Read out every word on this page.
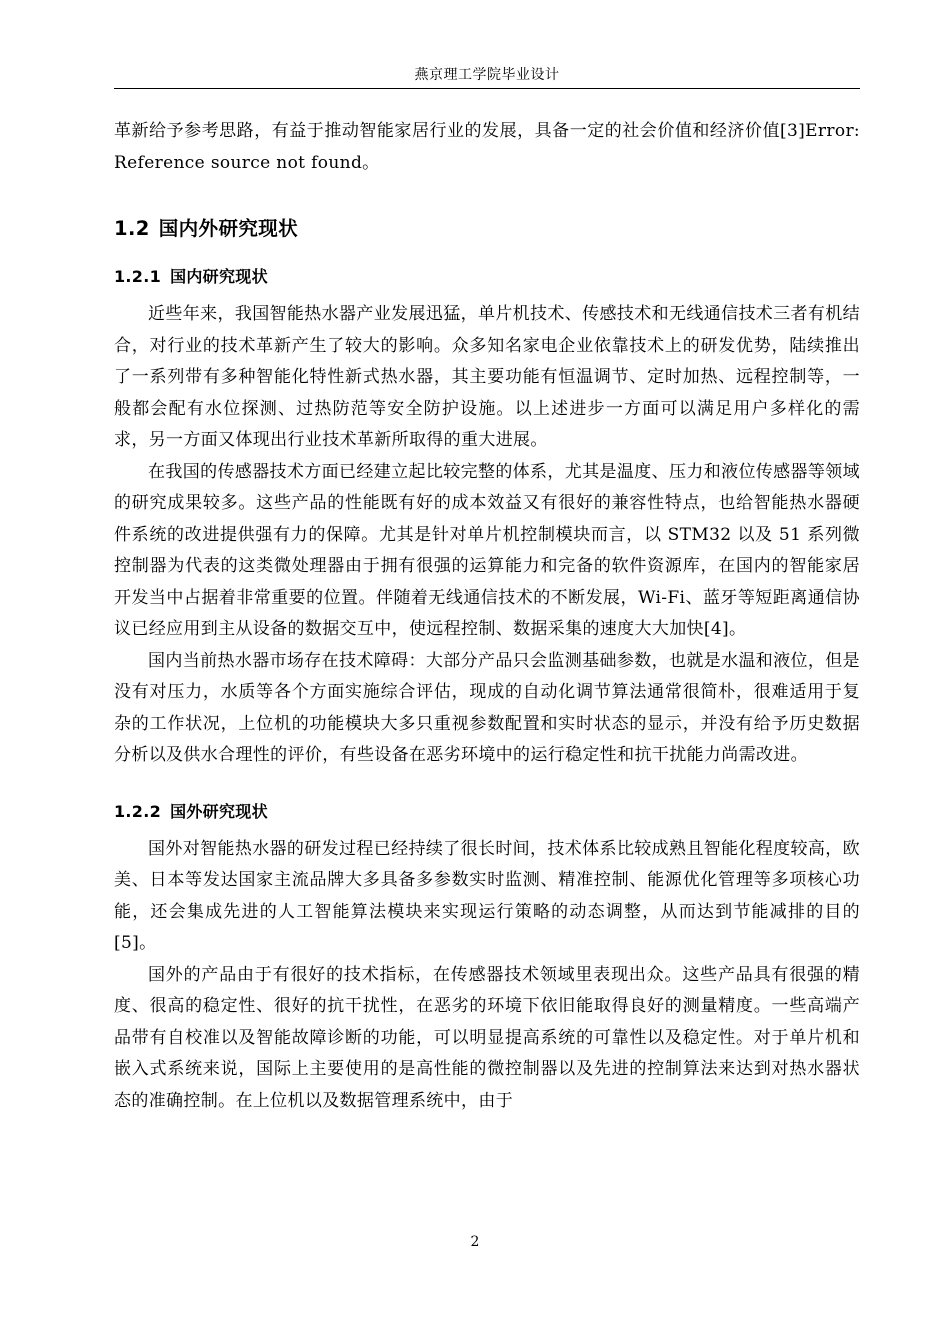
燕京理工学院毕业设计

革新给予参考思路，有益于推动智能家居行业的发展，具备一定的社会价值和经济价值[3]Error: Reference source not found。

1.2 国内外研究现状
1.2.1 国内研究现状

近些年来，我国智能热水器产业发展迅猛，单片机技术、传感技术和无线通信技术三者有机结合，对行业的技术革新产生了较大的影响。众多知名家电企业依靠技术上的研发优势，陆续推出了一系列带有多种智能化特性新式热水器，其主要功能有恒温调节、定时加热、远程控制等，一般都会配有水位探测、过热防范等安全防护设施。以上述进步一方面可以满足用户多样化的需求，另一方面又体现出行业技术革新所取得的重大进展。

在我国的传感器技术方面已经建立起比较完整的体系，尤其是温度、压力和液位传感器等领域的研究成果较多。这些产品的性能既有好的成本效益又有很好的兼容性特点，也给智能热水器硬件系统的改进提供强有力的保障。尤其是针对单片机控制模块而言，以 STM32 以及 51 系列微控制器为代表的这类微处理器由于拥有很强的运算能力和完备的软件资源库，在国内的智能家居开发当中占据着非常重要的位置。伴随着无线通信技术的不断发展，Wi-Fi、蓝牙等短距离通信协议已经应用到主从设备的数据交互中，使远程控制、数据采集的速度大大加快[4]。

国内当前热水器市场存在技术障碍：大部分产品只会监测基础参数，也就是水温和液位，但是没有对压力，水质等各个方面实施综合评估，现成的自动化调节算法通常很简朴，很难适用于复杂的工作状况，上位机的功能模块大多只重视参数配置和实时状态的显示，并没有给予历史数据分析以及供水合理性的评价，有些设备在恶劣环境中的运行稳定性和抗干扰能力尚需改进。

1.2.2 国外研究现状

国外对智能热水器的研发过程已经持续了很长时间，技术体系比较成熟且智能化程度较高，欧美、日本等发达国家主流品牌大多具备多参数实时监测、精准控制、能源优化管理等多项核心功能，还会集成先进的人工智能算法模块来实现运行策略的动态调整，从而达到节能减排的目的[5]。

国外的产品由于有很好的技术指标，在传感器技术领域里表现出众。这些产品具有很强的精度、很高的稳定性、很好的抗干扰性，在恶劣的环境下依旧能取得良好的测量精度。一些高端产品带有自校准以及智能故障诊断的功能，可以明显提高系统的可靠性以及稳定性。对于单片机和嵌入式系统来说，国际上主要使用的是高性能的微控制器以及先进的控制算法来达到对热水器状态的准确控制。在上位机以及数据管理系统中，由于

2
